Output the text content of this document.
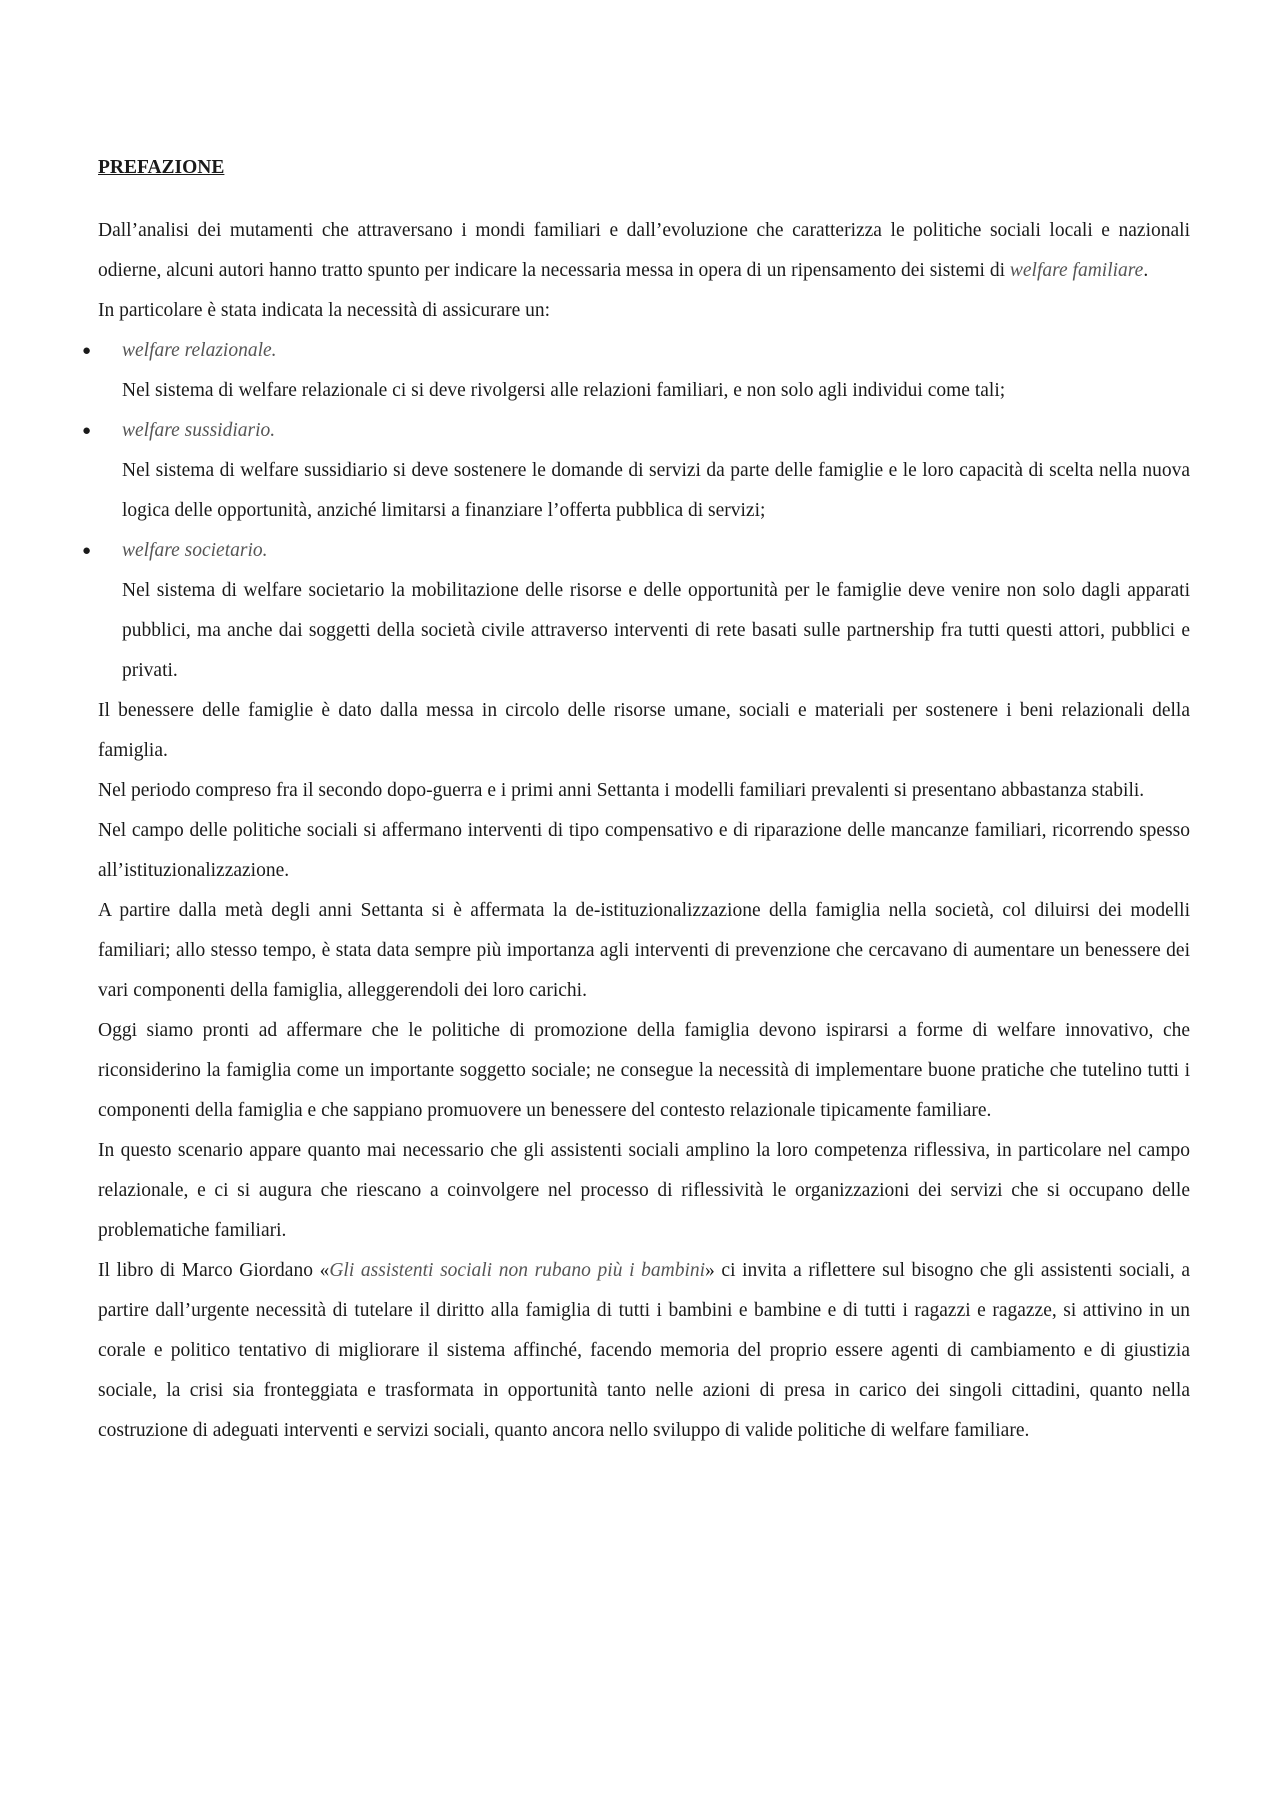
PREFAZIONE

Dall’analisi dei mutamenti che attraversano i mondi familiari e dall’evoluzione che caratterizza le politiche sociali locali e nazionali odierne, alcuni autori hanno tratto spunto per indicare la necessaria messa in opera di un ripensamento dei sistemi di welfare familiare.

In particolare è stata indicata la necessità di assicurare un:

● welfare relazionale.
Nel sistema di welfare relazionale ci si deve rivolgersi alle relazioni familiari, e non solo agli individui come tali;
● welfare sussidiario.
Nel sistema di welfare sussidiario si deve sostenere le domande di servizi da parte delle famiglie e le loro capacità di scelta nella nuova logica delle opportunità, anziché limitarsi a finanziare l’offerta pubblica di servizi;
● welfare societario.
Nel sistema di welfare societario la mobilitazione delle risorse e delle opportunità per le famiglie deve venire non solo dagli apparati pubblici, ma anche dai soggetti della società civile attraverso interventi di rete basati sulle partnership fra tutti questi attori, pubblici e privati.

Il benessere delle famiglie è dato dalla messa in circolo delle risorse umane, sociali e materiali per sostenere i beni relazionali della famiglia.

Nel periodo compreso fra il secondo dopo-guerra e i primi anni Settanta i modelli familiari prevalenti si presentano abbastanza stabili.

Nel campo delle politiche sociali si affermano interventi di tipo compensativo e di riparazione delle mancanze familiari, ricorrendo spesso all’istituzionalizzazione.

A partire dalla metà degli anni Settanta si è affermata la de-istituzionalizzazione della famiglia nella società, col diluirsi dei modelli familiari; allo stesso tempo, è stata data sempre più importanza agli interventi di prevenzione che cercavano di aumentare un benessere dei vari componenti della famiglia, alleggerendoli dei loro carichi.

Oggi siamo pronti ad affermare che le politiche di promozione della famiglia devono ispirarsi a forme di welfare innovativo, che riconsiderino la famiglia come un importante soggetto sociale; ne consegue la necessità di implementare buone pratiche che tutelino tutti i componenti della famiglia e che sappiano promuovere un benessere del contesto relazionale tipicamente familiare.

In questo scenario appare quanto mai necessario che gli assistenti sociali amplino la loro competenza riflessiva, in particolare nel campo relazionale, e ci si augura che riescano a coinvolgere nel processo di riflessività le organizzazioni dei servizi che si occupano delle problematiche familiari.

Il libro di Marco Giordano «Gli assistenti sociali non rubano più i bambini» ci invita a riflettere sul bisogno che gli assistenti sociali, a partire dall’urgente necessità di tutelare il diritto alla famiglia di tutti i bambini e bambine e di tutti i ragazzi e ragazze, si attivino in un corale e politico tentativo di migliorare il sistema affinché, facendo memoria del proprio essere agenti di cambiamento e di giustizia sociale, la crisi sia fronteggiata e trasformata in opportunità tanto nelle azioni di presa in carico dei singoli cittadini, quanto nella costruzione di adeguati interventi e servizi sociali, quanto ancora nello sviluppo di valide politiche di welfare familiare.
